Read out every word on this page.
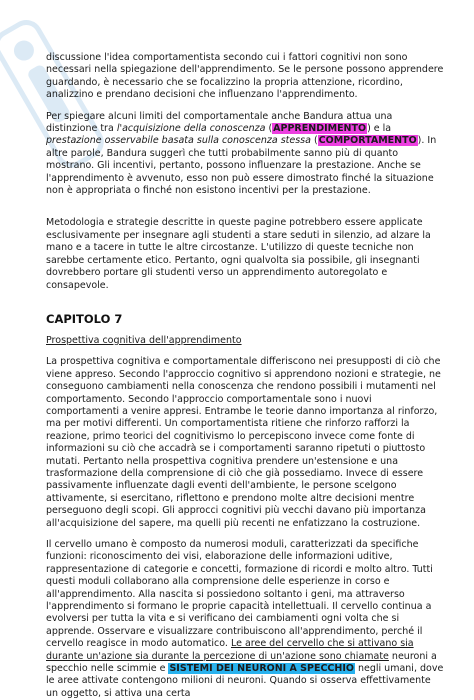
discussione l'idea comportamentista secondo cui i fattori cognitivi non sono necessari nella spiegazione dell'apprendimento. Se le persone possono apprendere guardando, è necessario che se focalizzino la propria attenzione, ricordino, analizzino e prendano decisioni che influenzano l'apprendimento.

Per spiegare alcuni limiti del comportamentale anche Bandura attua una distinzione tra l'acquisizione della conoscenza (APPRENDIMENTO) e la prestazione osservabile basata sulla conoscenza stessa (COMPORTAMENTO). In altre parole, Bandura suggerì che tutti probabilmente sanno più di quanto mostrano. Gli incentivi, pertanto, possono influenzare la prestazione. Anche se l'apprendimento è avvenuto, esso non può essere dimostrato finché la situazione non è appropriata o finché non esistono incentivi per la prestazione.

Metodologia e strategie descritte in queste pagine potrebbero essere applicate esclusivamente per insegnare agli studenti a stare seduti in silenzio, ad alzare la mano e a tacere in tutte le altre circostanze. L'utilizzo di queste tecniche non sarebbe certamente etico. Pertanto, ogni qualvolta sia possibile, gli insegnanti dovrebbero portare gli studenti verso un apprendimento autoregolato e consapevole.

CAPITOLO 7

Prospettiva cognitiva dell'apprendimento

La prospettiva cognitiva e comportamentale differiscono nei presupposti di ciò che viene appreso. Secondo l'approccio cognitivo si apprendono nozioni e strategie, ne conseguono cambiamenti nella conoscenza che rendono possibili i mutamenti nel comportamento. Secondo l'approccio comportamentale sono i nuovi comportamenti a venire appresi. Entrambe le teorie danno importanza al rinforzo, ma per motivi differenti. Un comportamentista ritiene che rinforzo rafforzi la reazione, primo teorici del cognitivismo lo percepiscono invece come fonte di informazioni su ciò che accadrà se i comportamenti saranno ripetuti o piuttosto mutati. Pertanto nella prospettiva cognitiva prendere un'estensione e una trasformazione della comprensione di ciò che già possediamo. Invece di essere passivamente influenzate dagli eventi dell'ambiente, le persone scelgono attivamente, si esercitano, riflettono e prendono molte altre decisioni mentre perseguono degli scopi. Gli approcci cognitivi più vecchi davano più importanza all'acquisizione del sapere, ma quelli più recenti ne enfatizzano la costruzione.

Il cervello umano è composto da numerosi moduli, caratterizzati da specifiche funzioni: riconoscimento dei visi, elaborazione delle informazioni uditive, rappresentazione di categorie e concetti, formazione di ricordi e molto altro. Tutti questi moduli collaborano alla comprensione delle esperienze in corso e all'apprendimento. Alla nascita si possiedono soltanto i geni, ma attraverso l'apprendimento si formano le proprie capacità intellettuali. Il cervello continua a evolversi per tutta la vita e si verificano dei cambiamenti ogni volta che si apprende. Osservare e visualizzare contribuiscono all'apprendimento, perché il cervello reagisce in modo automatico. Le aree del cervello che si attivano sia durante un'azione sia durante la percezione di un'azione sono chiamate neuroni a specchio nelle scimmie e SISTEMI DEI NEURONI A SPECCHIO negli umani, dove le aree attivate contengono milioni di neuroni. Quando si osserva effettivamente un oggetto, si attiva una certa
